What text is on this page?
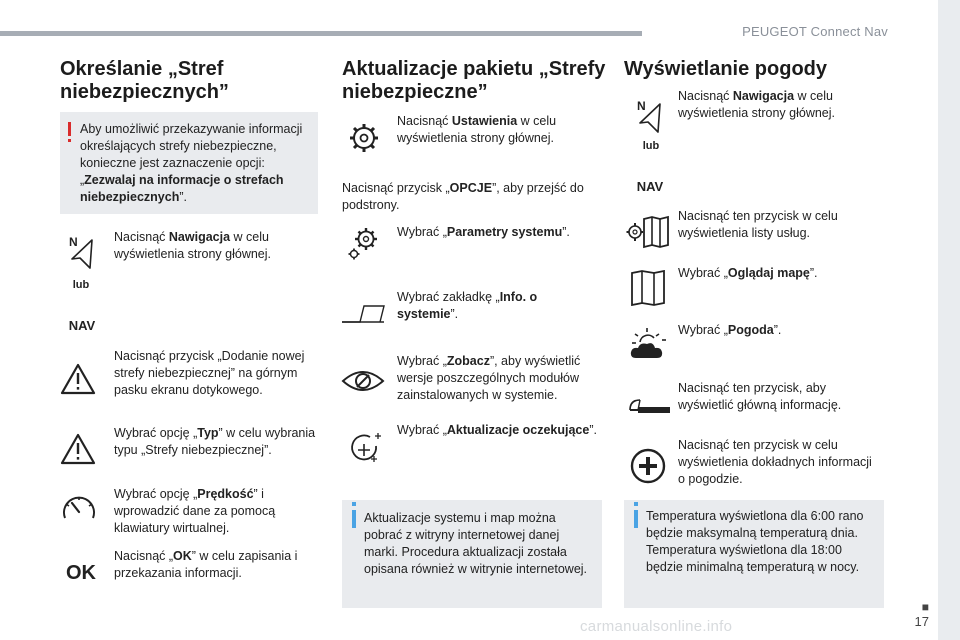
PEUGEOT Connect Nav
■
17
carmanualsonline.info
Określanie „Stref niebezpiecznych”
Aby umożliwić przekazywanie informacji określających strefy niebezpieczne, konieczne jest zaznaczenie opcji: „Zezwalaj na informacje o strefach niebezpiecznych”.
N
lub
NAV
Nacisnąć Nawigacja w celu wyświetlenia strony głównej.
Nacisnąć przycisk „Dodanie nowej strefy niebezpiecznej” na górnym pasku ekranu dotykowego.
Wybrać opcję „Typ” w celu wybrania typu „Strefy niebezpiecznej”.
Wybrać opcję „Prędkość” i wprowadzić dane za pomocą klawiatury wirtualnej.
OK
Nacisnąć „OK” w celu zapisania i przekazania informacji.
Aktualizacje pakietu „Strefy niebezpieczne”
Nacisnąć Ustawienia w celu wyświetlenia strony głównej.
Nacisnąć przycisk „OPCJE”, aby przejść do podstrony.
Wybrać „Parametry systemu”.
Wybrać zakładkę „Info. o systemie”.
Wybrać „Zobacz”, aby wyświetlić wersje poszczególnych modułów zainstalowanych w systemie.
Wybrać „Aktualizacje oczekujące”.
Aktualizacje systemu i map można pobrać z witryny internetowej danej marki. Procedura aktualizacji została opisana również w witrynie internetowej.
Wyświetlanie pogody
N
lub
NAV
Nacisnąć Nawigacja w celu wyświetlenia strony głównej.
Nacisnąć ten przycisk w celu wyświetlenia listy usług.
Wybrać „Oglądaj mapę”.
Wybrać „Pogoda”.
Nacisnąć ten przycisk, aby wyświetlić główną informację.
Nacisnąć ten przycisk w celu wyświetlenia dokładnych informacji o pogodzie.
Temperatura wyświetlona dla 6:00 rano będzie maksymalną temperaturą dnia. Temperatura wyświetlona dla 18:00 będzie minimalną temperaturą w nocy.
